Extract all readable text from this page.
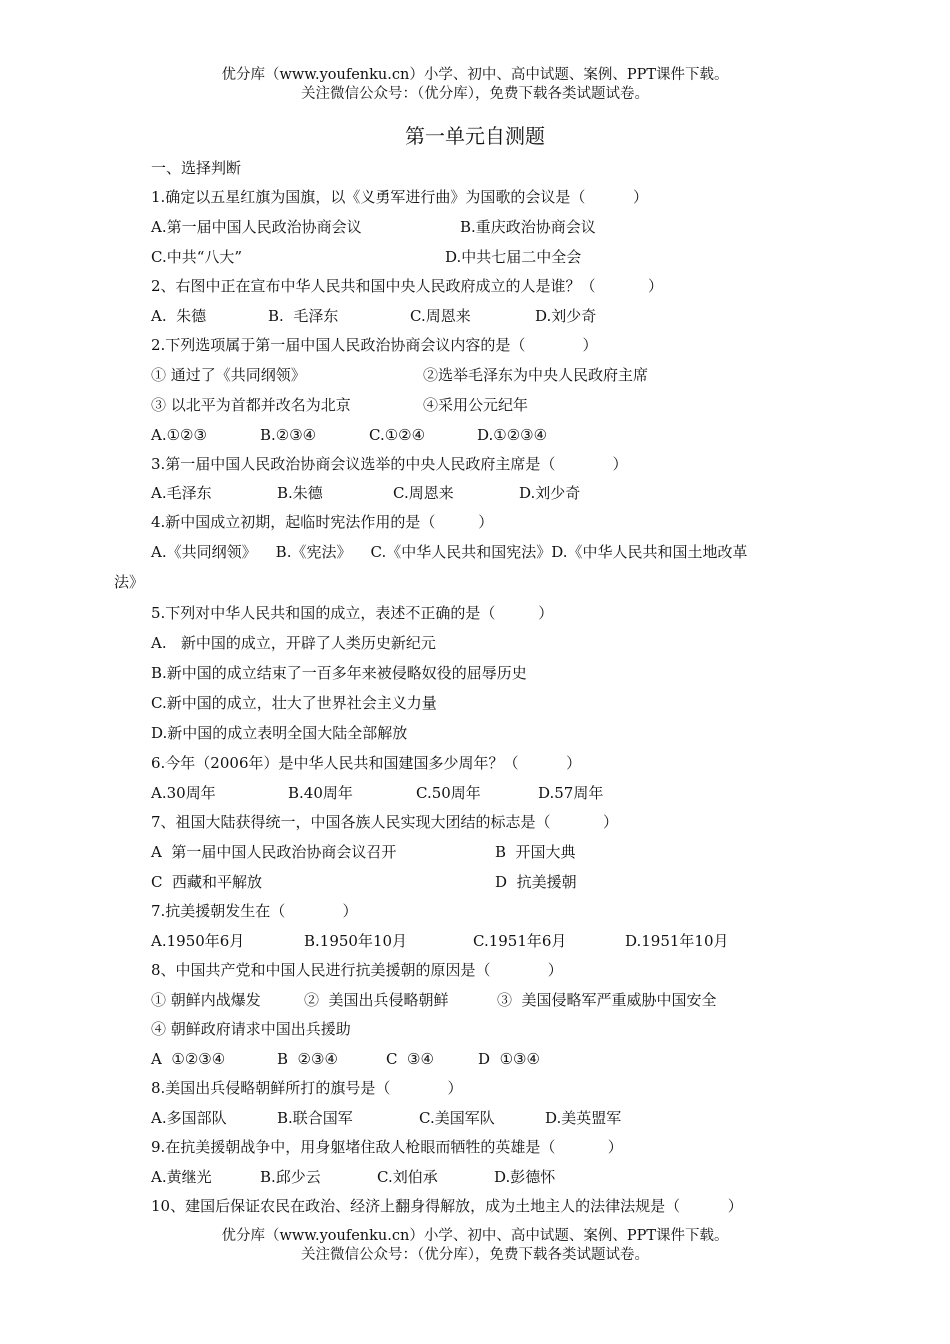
优分库（www.youfenku.cn）小学、初中、高中试题、案例、PPT课件下载。
关注微信公众号：（优分库），免费下载各类试题试卷。
第一单元自测题
一、选择判断
1.确定以五星红旗为国旗，以《义勇军进行曲》为国歌的会议是（          ）
A.第一届中国人民政治协商会议	B.重庆政治协商会议
C.中共“八大”	D.中共七届二中全会
2、右图中正在宣布中华人民共和国中央人民政府成立的人是谁？（           ）
A.  朱德	B.  毛泽东	C.周恩来	D.刘少奇
2.下列选项属于第一届中国人民政治协商会议内容的是（            ）
① 通过了《共同纲领》	②选举毛泽东为中央人民政府主席
③ 以北平为首都并改名为北京	④采用公元纪年
A.①②③	B.②③④	C.①②④	D.①②③④
3.第一届中国人民政治协商会议选举的中央人民政府主席是（            ）
A.毛泽东	B.朱德	C.周恩来	D.刘少奇
4.新中国成立初期，起临时宪法作用的是（         ）
A.《共同纲领》    B.《宪法》    C.《中华人民共和国宪法》D.《中华人民共和国土地改革
法》
5.下列对中华人民共和国的成立，表述不正确的是（         ）
A.   新中国的成立，开辟了人类历史新纪元
B.新中国的成立结束了一百多年来被侵略奴役的屈辱历史
C.新中国的成立，壮大了世界社会主义力量
D.新中国的成立表明全国大陆全部解放
6.今年（2006年）是中华人民共和国建国多少周年？（          ）
A.30周年	B.40周年	C.50周年	D.57周年
7、祖国大陆获得统一，中国各族人民实现大团结的标志是（           ）
A  第一届中国人民政治协商会议召开	B  开国大典
C  西藏和平解放	D  抗美援朝
7.抗美援朝发生在（            ）
A.1950年6月	B.1950年10月	C.1951年6月	D.1951年10月
8、中国共产党和中国人民进行抗美援朝的原因是（            ）
① 朝鲜内战爆发	②  美国出兵侵略朝鲜	③  美国侵略军严重威胁中国安全
④ 朝鲜政府请求中国出兵援助
A  ①②③④	B  ②③④	C  ③④	D  ①③④
8.美国出兵侵略朝鲜所打的旗号是（            ）
A.多国部队	B.联合国军	C.美国军队	D.美英盟军
9.在抗美援朝战争中，用身躯堵住敌人枪眼而牺牲的英雄是（           ）
A.黄继光	B.邱少云	C.刘伯承	D.彭德怀
10、建国后保证农民在政治、经济上翻身得解放，成为土地主人的法律法规是（          ）
优分库（www.youfenku.cn）小学、初中、高中试题、案例、PPT课件下载。
关注微信公众号：（优分库），免费下载各类试题试卷。
